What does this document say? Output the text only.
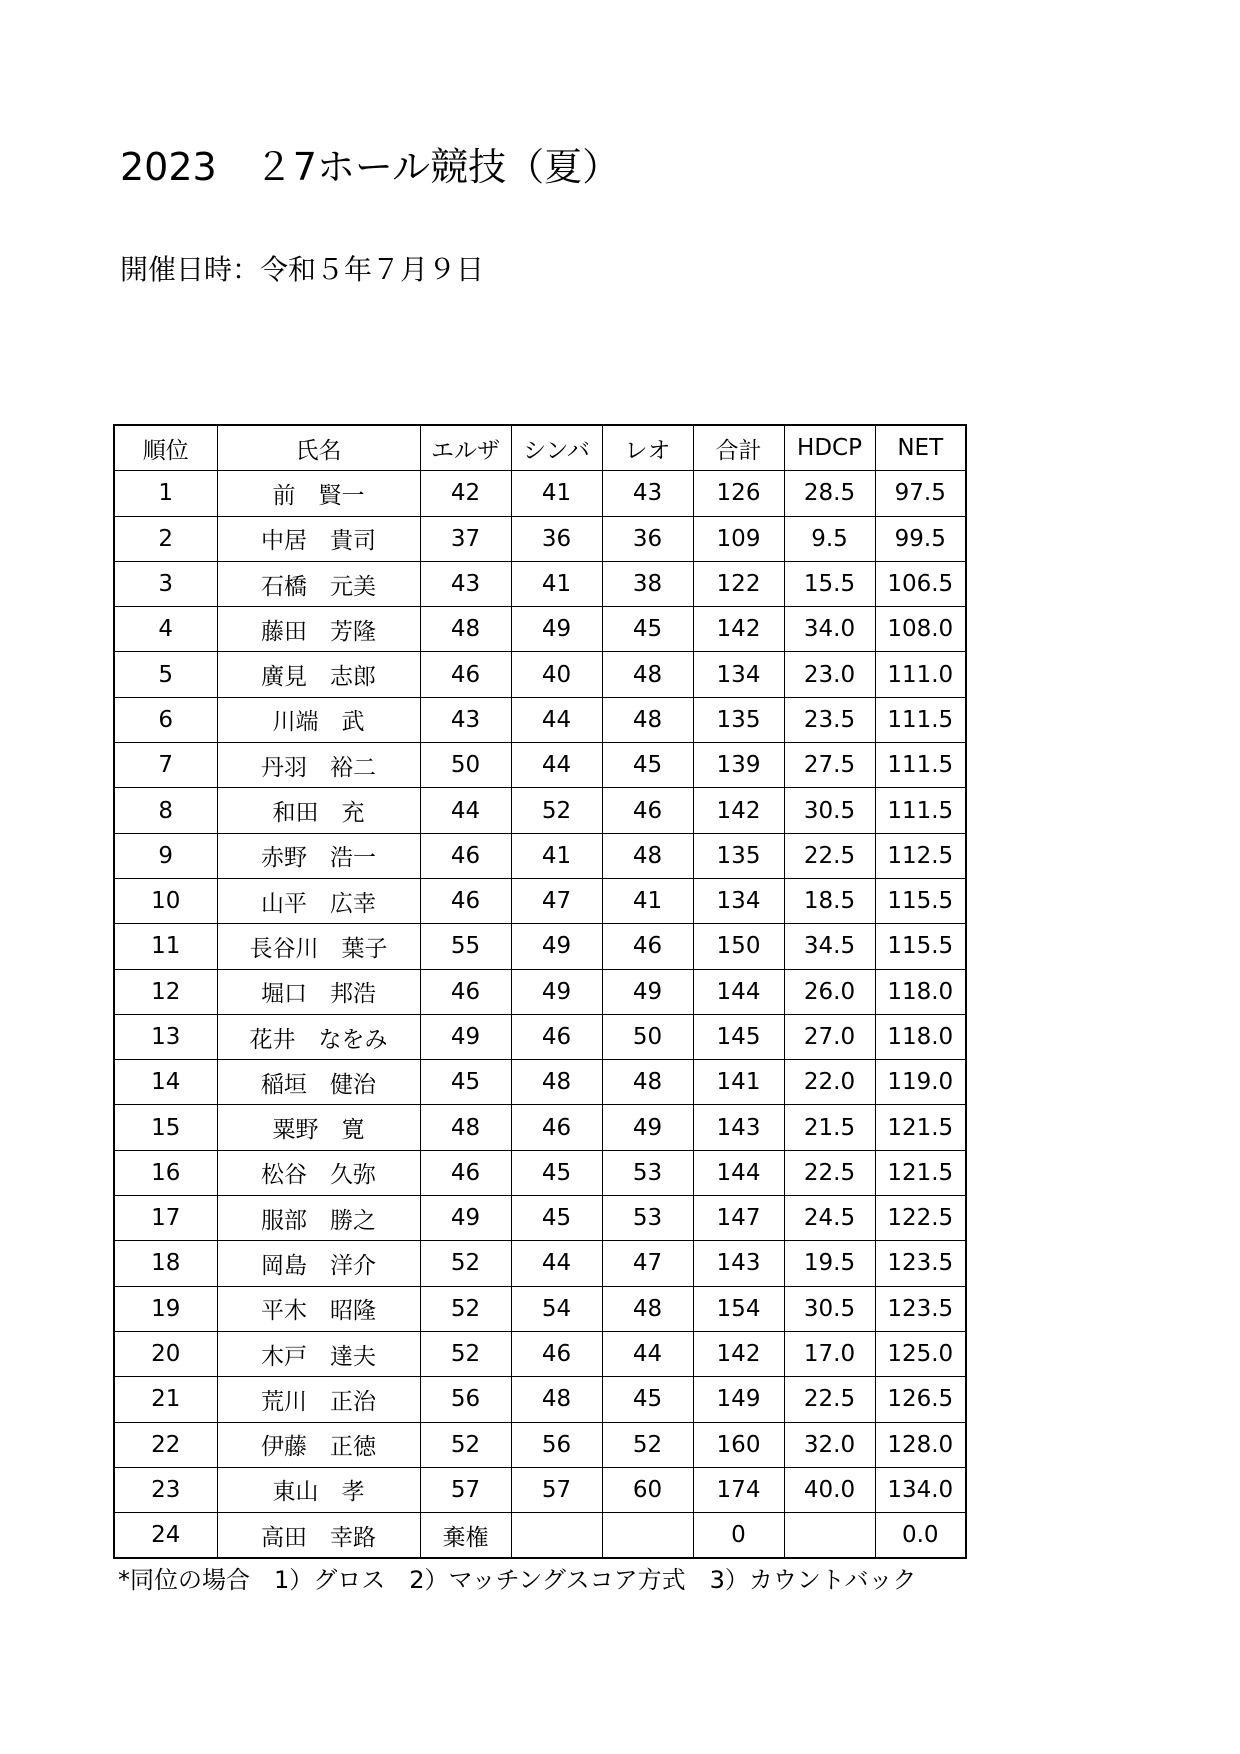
2023　２7ホール競技（夏）
開催日時：令和５年７月９日
順位	氏名	エルザ	シンバ	レオ	合計	HDCP	NET
1	前　賢一	42	41	43	126	28.5	97.5
2	中居　貴司	37	36	36	109	9.5	99.5
3	石橋　元美	43	41	38	122	15.5	106.5
4	藤田　芳隆	48	49	45	142	34.0	108.0
5	廣見　志郎	46	40	48	134	23.0	111.0
6	川端　武	43	44	48	135	23.5	111.5
7	丹羽　裕二	50	44	45	139	27.5	111.5
8	和田　充	44	52	46	142	30.5	111.5
9	赤野　浩一	46	41	48	135	22.5	112.5
10	山平　広幸	46	47	41	134	18.5	115.5
11	長谷川　葉子	55	49	46	150	34.5	115.5
12	堀口　邦浩	46	49	49	144	26.0	118.0
13	花井　なをみ	49	46	50	145	27.0	118.0
14	稲垣　健治	45	48	48	141	22.0	119.0
15	粟野　寛	48	46	49	143	21.5	121.5
16	松谷　久弥	46	45	53	144	22.5	121.5
17	服部　勝之	49	45	53	147	24.5	122.5
18	岡島　洋介	52	44	47	143	19.5	123.5
19	平木　昭隆	52	54	48	154	30.5	123.5
20	木戸　達夫	52	46	44	142	17.0	125.0
21	荒川　正治	56	48	45	149	22.5	126.5
22	伊藤　正徳	52	56	52	160	32.0	128.0
23	東山　孝	57	57	60	174	40.0	134.0
24	高田　幸路	棄権			0		0.0
*同位の場合　1）グロス　2）マッチングスコア方式　3）カウントバック
